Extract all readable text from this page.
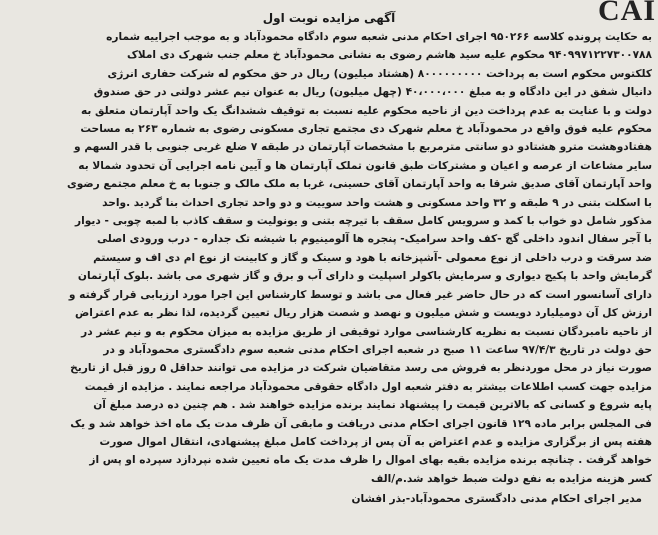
CAI
آگهی مزایده نوبت اول
به حکایت پرونده کلاسه ۹۵۰۲۶۶ اجرای احکام مدنی شعبه سوم دادگاه محمودآباد و به موجب اجراییه شماره
۹۴۰۹۹۷۱۲۲۷۳۰۰۷۸۸ محکوم علیه سید هاشم رضوی به نشانی محمودآباد خ معلم جنب شهرک دی املاک
کلکتوس محکوم است به پرداخت ۸۰۰۰۰۰۰۰۰۰ (هشتاد میلیون) ریال در حق محکوم له شرکت حفاری انرژی
دانیال شفق در این دادگاه و به مبلغ ۴۰،۰۰۰،۰۰۰ (چهل میلیون) ریال به عنوان نیم عشر دولتی در حق صندوق
دولت و با عنایت به عدم پرداخت دین از ناحیه محکوم علیه نسبت به توقیف ششدانگ یک واحد آپارتمان متعلق به
محکوم علیه فوق واقع در محمودآباد خ معلم شهرک دی مجتمع تجاری مسکونی رضوی به شماره ۲۶۳ به مساحت
هفتادوهشت مترو هشتادو دو سانتی مترمربع با مشخصات آپارتمان در طبقه ۷ ضلع غربی جنوبی با قدر السهم و
سایر مشاعات از عرصه و اعیان و مشترکات طبق قانون تملک آپارتمان ها و آیین نامه اجرایی آن تحدود شمالا به
واحد آپارتمان آقای صدیق شرقا به واحد آپارتمان آقای حسینی، غربا به ملک مالک و جنوبا به خ معلم مجتمع رضوی
با اسکلت بتنی در ۹ طبقه و ۳۲ واحد مسکونی و هشت واحد سوییت و دو واحد تجاری احداث بنا گردید .واحد
مذکور شامل دو خواب با کمد و سرویس کامل سقف با تیرچه بتنی و یونولیت و سقف کاذب با لمبه چوبی - دیوار
با آجر سفال اندود داخلی گچ -کف واحد سرامیک- پنجره ها آلومینیوم با شیشه تک جداره - درب ورودی اصلی
ضد سرقت و درب داخلی از نوع معمولی -آشپزخانه با هود و سینک و گاز و کابینت از نوع ام دی اف و سیستم
گرمایش واحد با پکیج دیواری و سرمایش باکولر اسپلیت و دارای آب و برق و گاز شهری می باشد .بلوک آپارتمان
دارای آسانسور است که در حال حاضر غیر فعال می باشد و توسط کارشناس این اجرا مورد ارزیابی قرار گرفته و
ارزش کل آن دومیلیارد دویست و شش میلیون و نهصد و شصت هزار ریال تعیین گردیده، لذا نظر به عدم اعتراض
از ناحیه نامبردگان نسبت به نظریه کارشناسی موارد توقیفی از طریق مزایده به میزان محکوم به و نیم عشر در
حق دولت در تاریخ ۹۷/۴/۳ ساعت ۱۱ صبح در شعبه اجرای احکام مدنی شعبه سوم دادگستری محمودآباد و در
صورت نیاز در محل موردنظر به فروش می رسد متقاضیان شرکت در مزایده می توانند حداقل ۵ روز قبل از تاریخ
مزایده جهت کسب اطلاعات بیشتر به دفتر شعبه اول دادگاه حقوقی محمودآباد مراجعه نمایند . مزایده از قیمت
پایه شروع و کسانی که بالاترین قیمت را پیشنهاد نمایند برنده مزایده خواهند شد . هم چنین ده درصد مبلغ آن
فی المجلس برابر ماده ۱۲۹ قانون اجرای احکام مدنی دریافت و مابقی آن ظرف مدت یک ماه اخذ خواهد شد و یک
هفته پس از برگزاری مزایده و عدم اعتراض به آن پس از پرداخت کامل مبلغ پیشنهادی، انتقال اموال صورت
خواهد گرفت . چنانچه برنده مزایده بقیه بهای اموال را ظرف مدت یک ماه تعیین شده نپردازد سپرده او پس از
کسر هزینه مزایده به نفع دولت ضبط خواهد شد.م/الف
مدیر اجرای احکام مدنی دادگستری محمودآباد-بذر افشان
